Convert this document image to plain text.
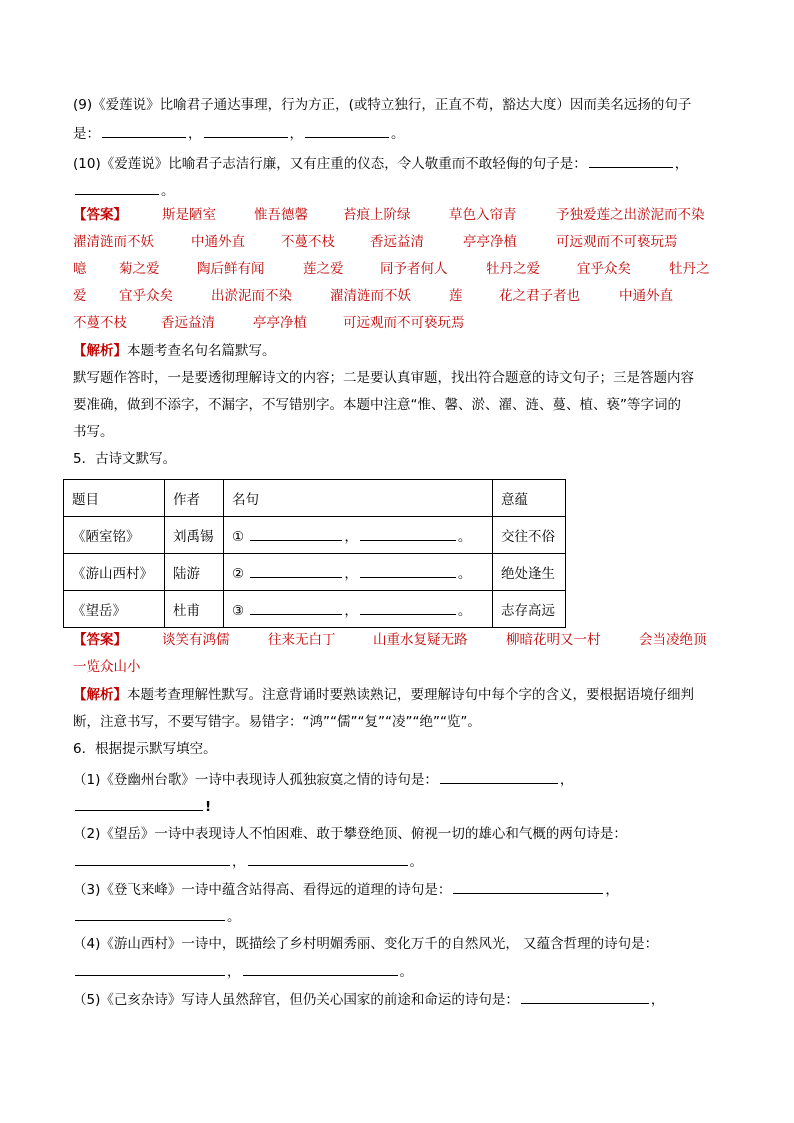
(9)《爱莲说》比喻君子通达事理，行为方正，(或特立独行，正直不苟，豁达大度）因而美名远扬的句子
是：	，	，	。
(10)《爱莲说》比喻君子志洁行廉，又有庄重的仪态，令人敬重而不敢轻侮的句子是：	，
。
【答案】	斯是陋室	惟吾德馨	苔痕上阶绿	草色入帘青	予独爱莲之出淤泥而不染
濯清涟而不妖	中通外直	不蔓不枝	香远益清	亭亭净植	可远观而不可亵玩焉
噫 菊之爱	陶后鲜有闻	莲之爱	同予者何人	牡丹之爱	宜乎众矣	牡丹之
爱 宜乎众矣	出淤泥而不染	濯清涟而不妖	莲	花之君子者也	中通外直
不蔓不枝	香远益清	亭亭净植	可远观而不可亵玩焉
【解析】本题考查名句名篇默写。
默写题作答时，一是要透彻理解诗文的内容；二是要认真审题，找出符合题意的诗文句子；三是答题内容
要准确，做到不添字，不漏字，不写错别字。本题中注意“惟、馨、淤、濯、涟、蔓、植、亵”等字词的
书写。
5．古诗文默写。
题目	作者	名句	意蕴
《陋室铭》	刘禹锡	① ， 。	交往不俗
《游山西村》	陆游	② ， 。	绝处逢生
《望岳》	杜甫	③ ， 。	志存高远
【答案】	谈笑有鸿儒	往来无白丁	山重水复疑无路	柳暗花明又一村	会当凌绝顶
一览众山小
【解析】本题考查理解性默写。注意背诵时要熟读熟记，要理解诗句中每个字的含义，要根据语境仔细判
断，注意书写，不要写错字。易错字：“鸿”“儒”“复”“凌”“绝”“览”。
6．根据提示默写填空。
（1)《登幽州台歌》一诗中表现诗人孤独寂寞之情的诗句是：	，
!
（2)《望岳》一诗中表现诗人不怕困难、敢于攀登绝顶、俯视一切的雄心和气概的两句诗是：
，	。
（3)《登飞来峰》一诗中蕴含站得高、看得远的道理的诗句是：	，
。
（4)《游山西村》一诗中，既描绘了乡村明媚秀丽、变化万千的自然风光， 又蕴含哲理的诗句是：
，	。
（5)《己亥杂诗》写诗人虽然辞官，但仍关心国家的前途和命运的诗句是：	，
